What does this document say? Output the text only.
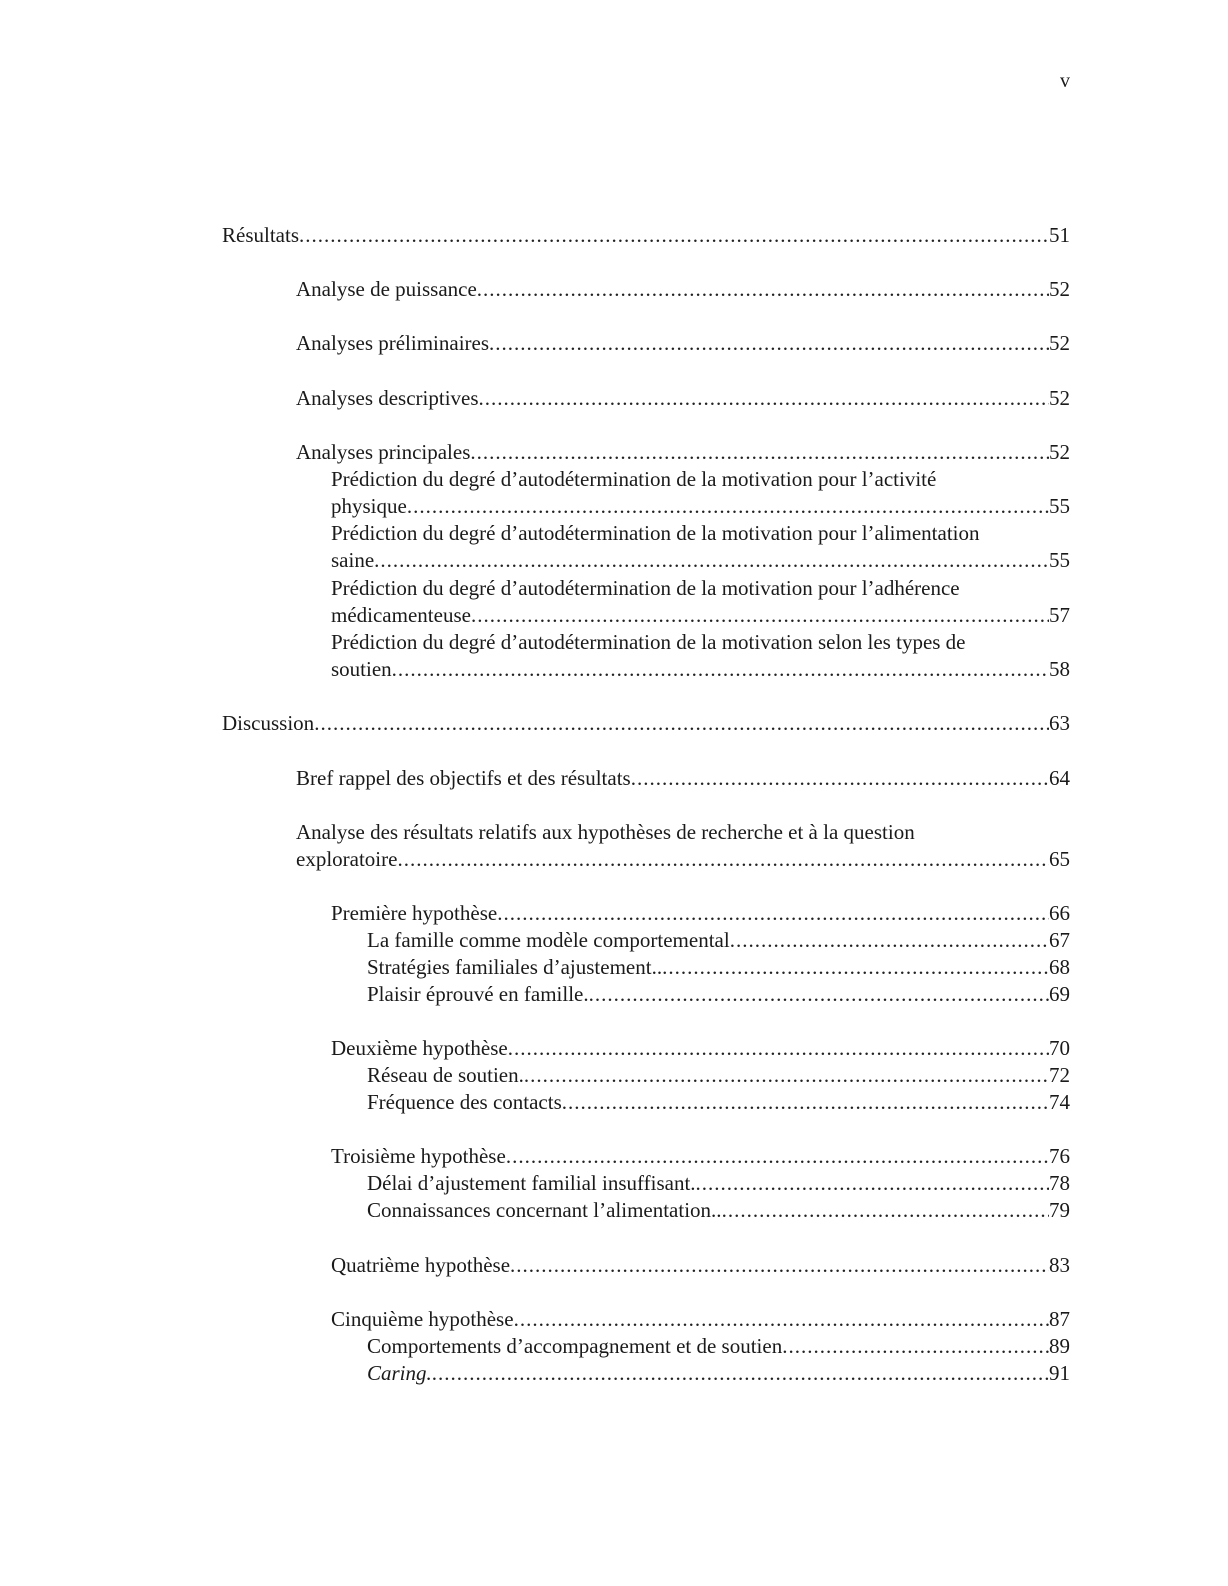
v
Résultats .....	51
Analyse de puissance .....	52
Analyses préliminaires .....	52
Analyses descriptives .....	52
Analyses principales .....	52
Prédiction du degré d’autodétermination de la motivation pour l’activité
physique .....	55
Prédiction du degré d’autodétermination de la motivation pour l’alimentation
saine .....	55
Prédiction du degré d’autodétermination de la motivation pour l’adhérence
médicamenteuse .....	57
Prédiction du degré d’autodétermination de la motivation selon les types de
soutien .....	58
Discussion .....	63
Bref rappel des objectifs et des résultats .....	64
Analyse des résultats relatifs aux hypothèses de recherche et à la question
exploratoire .....	65
Première hypothèse .....	66
La famille comme modèle comportemental .....	67
Stratégies familiales d’ajustement.. .....	68
Plaisir éprouvé en famille. .....	69
Deuxième hypothèse .....	70
Réseau de soutien. .....	72
Fréquence des contacts .....	74
Troisième hypothèse .....	76
Délai d’ajustement familial insuffisant. .....	78
Connaissances concernant l’alimentation.. .....	79
Quatrième hypothèse .....	83
Cinquième hypothèse .....	87
Comportements d’accompagnement et de soutien .....	89
Caring. .....	91
